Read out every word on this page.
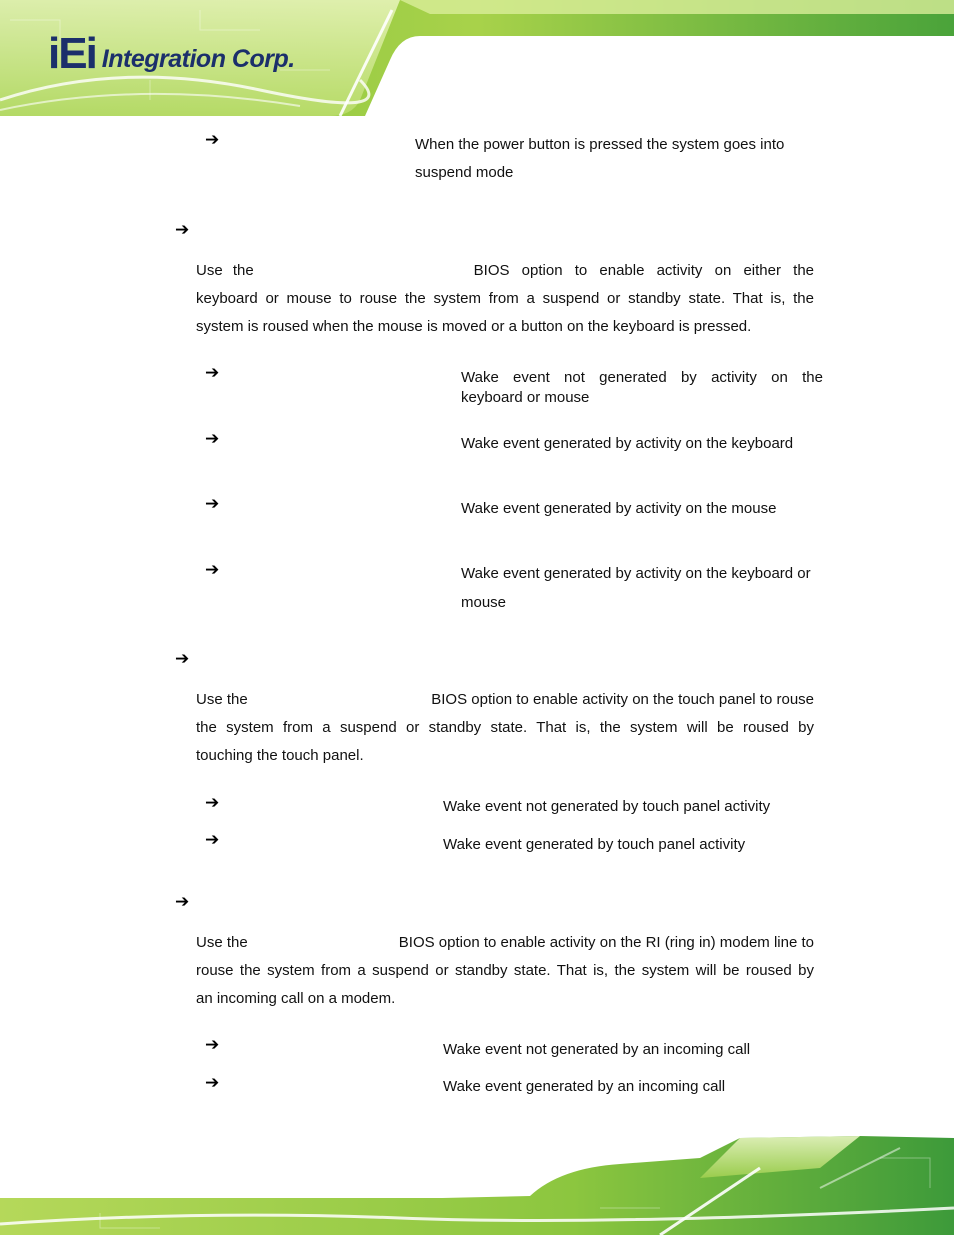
iEi Integration Corp.
➔	When the power button is pressed the system goes into
suspend mode
➔
Use the	BIOS option to enable activity on either the
keyboard or mouse to rouse the system from a suspend or standby state. That is, the
system is roused when the mouse is moved or a button on the keyboard is pressed.
➔	Wake event not generated by activity on the
keyboard or mouse
➔	Wake event generated by activity on the keyboard
➔	Wake event generated by activity on the mouse
➔	Wake event generated by activity on the keyboard or
mouse
➔
Use the	BIOS option to enable activity on the touch panel to rouse
the system from a suspend or standby state. That is, the system will be roused by
touching the touch panel.
➔	Wake event not generated by touch panel activity
➔	Wake event generated by touch panel activity
➔
Use the	BIOS option to enable activity on the RI (ring in) modem line to
rouse the system from a suspend or standby state. That is, the system will be roused by
an incoming call on a modem.
➔	Wake event not generated by an incoming call
➔	Wake event generated by an incoming call
